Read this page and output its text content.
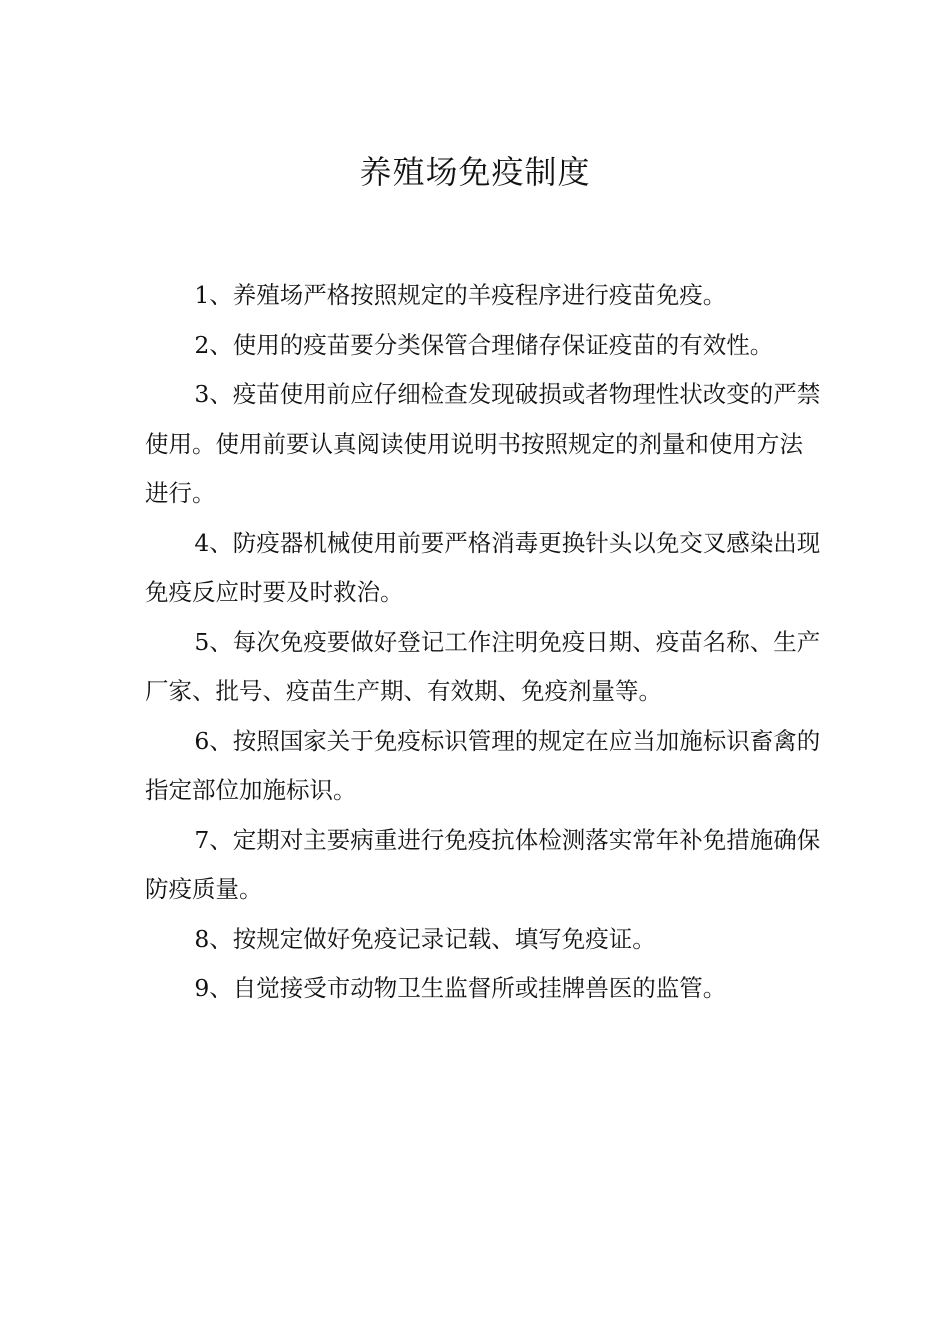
养殖场免疫制度

1、养殖场严格按照规定的羊疫程序进行疫苗免疫。

2、使用的疫苗要分类保管合理储存保证疫苗的有效性。

3、疫苗使用前应仔细检查发现破损或者物理性状改变的严禁使用。使用前要认真阅读使用说明书按照规定的剂量和使用方法进行。

4、防疫器机械使用前要严格消毒更换针头以免交叉感染出现免疫反应时要及时救治。

5、每次免疫要做好登记工作注明免疫日期、疫苗名称、生产厂家、批号、疫苗生产期、有效期、免疫剂量等。

6、按照国家关于免疫标识管理的规定在应当加施标识畜禽的指定部位加施标识。

7、定期对主要病重进行免疫抗体检测落实常年补免措施确保防疫质量。

8、按规定做好免疫记录记载、填写免疫证。

9、自觉接受市动物卫生监督所或挂牌兽医的监管。
